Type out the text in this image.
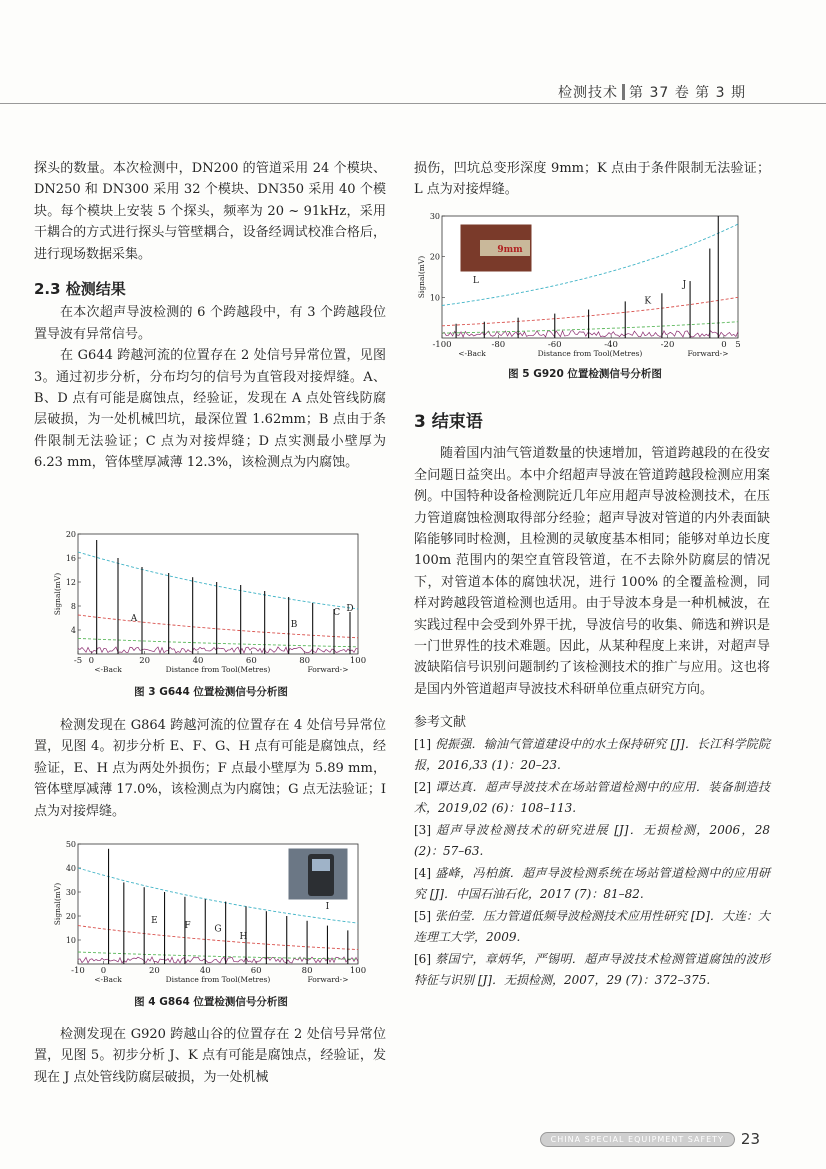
检测技术 第 37 卷 第 3 期

探头的数量。本次检测中，DN200 的管道采用 24 个模块、DN250 和 DN300 采用 32 个模块、DN350 采用 40 个模块。每个模块上安装 5 个探头，频率为 20 ~ 91kHz，采用干耦合的方式进行探头与管壁耦合，设备经调试校准合格后，进行现场数据采集。

2.3 检测结果

在本次超声导波检测的 6 个跨越段中，有 3 个跨越段位置导波有异常信号。

在 G644 跨越河流的位置存在 2 处信号异常位置，见图 3。通过初步分析，分布均匀的信号为直管段对接焊缝。A、B、D 点有可能是腐蚀点，经验证，发现在 A 点处管线防腐层破损，为一处机械凹坑，最深位置 1.62mm；B 点由于条件限制无法验证；C 点为对接焊缝；D 点实测最小壁厚为 6.23 mm，管体壁厚减薄 12.3%，该检测点为内腐蚀。

-5 0	20	40	60	80	100
4
8
12
16
20
A
B
C D
Distance from Tool(Metres)
<-Back	Forward->
Signal(mV)
图 3 G644 位置检测信号分析图

检测发现在 G864 跨越河流的位置存在 4 处信号异常位置，见图 4。初步分析 E、F、G、H 点有可能是腐蚀点，经验证，E、H 点为两处外损伤；F 点最小壁厚为 5.89 mm，管体壁厚减薄 17.0%，该检测点为内腐蚀；G 点无法验证；I 点为对接焊缝。

-10 0	20	40	60	80	100
10
20
30
40
50
E	F	G
H
I
Distance from Tool(Metres)
<-Back	Forward->
Signal(mV)
图 4 G864 位置检测信号分析图

检测发现在 G920 跨越山谷的位置存在 2 处信号异常位置，见图 5。初步分析 J、K 点有可能是腐蚀点，经验证，发现在 J 点处管线防腐层破损，为一处机械

损伤，凹坑总变形深度 9mm；K 点由于条件限制无法验证；L 点为对接焊缝。

-100	-80	-60	-40	-20	0 5
10
20
30
L
K
J
Distance from Tool(Metres)
<-Back	Forward->
Signal(mV)
9mm
图 5 G920 位置检测信号分析图
3 结束语

随着国内油气管道数量的快速增加，管道跨越段的在役安全问题日益突出。本中介绍超声导波在管道跨越段检测应用案例。中国特种设备检测院近几年应用超声导波检测技术，在压力管道腐蚀检测取得部分经验；超声导波对管道的内外表面缺陷能够同时检测，且检测的灵敏度基本相同；能够对单边长度 100m 范围内的架空直管段管道，在不去除外防腐层的情况下，对管道本体的腐蚀状况，进行 100% 的全覆盖检测，同样对跨越段管道检测也适用。由于导波本身是一种机械波，在实践过程中会受到外界干扰，导波信号的收集、筛选和辨识是一门世界性的技术难题。因此，从某种程度上来讲，对超声导波缺陷信号识别问题制约了该检测技术的推广与应用。这也将是国内外管道超声导波技术科研单位重点研究方向。

参考文献
[1] 倪振强．输油气管道建设中的水土保持研究 [J]．长江科学院院报，2016,33 (1)：20–23.
[2] 谭达真．超声导波技术在场站管道检测中的应用．装备制造技术，2019,02 (6)：108–113.
[3] 超声导波检测技术的研究进展 [J]．无损检测，2006，28 (2)：57–63.
[4] 盛峰，冯柏旗．超声导波检测系统在场站管道检测中的应用研究 [J]．中国石油石化，2017 (7)：81–82.
[5] 张伯莹．压力管道低频导波检测技术应用性研究 [D]．大连：大连理工大学，2009.
[6] 蔡国宁，章炳华，严锡明．超声导波技术检测管道腐蚀的波形特征与识别 [J]．无损检测，2007，29 (7)：372–375.
CHINA SPECIAL EQUIPMENT SAFETY 23
